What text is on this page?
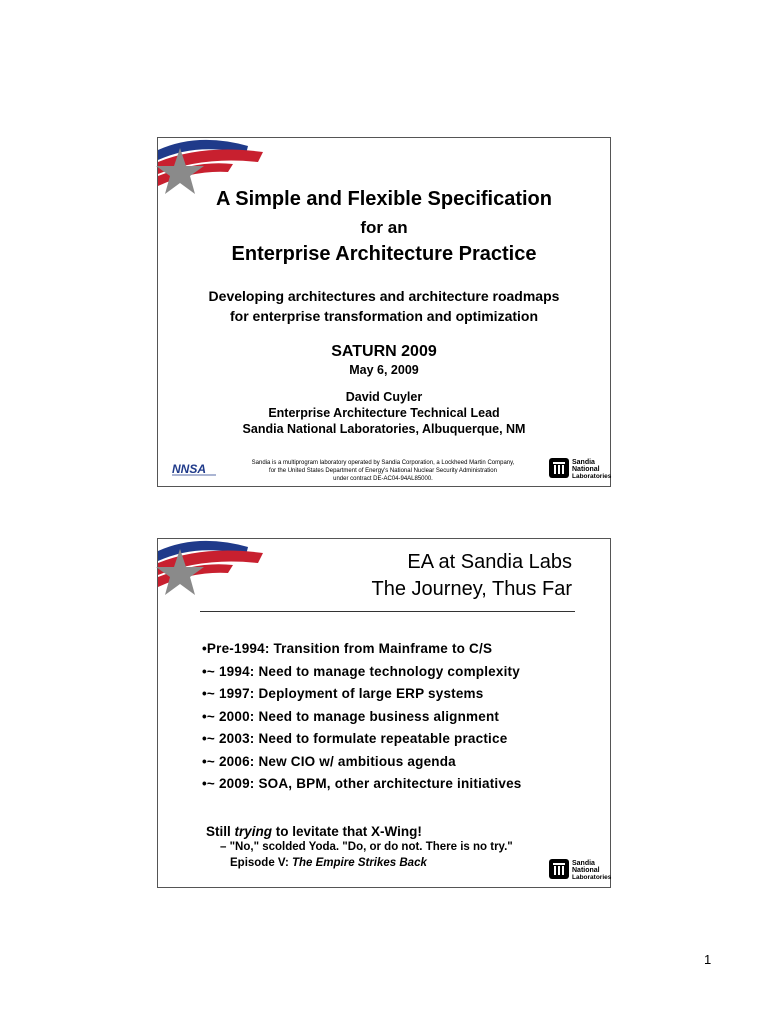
A Simple and Flexible Specification
for an
Enterprise Architecture Practice
Developing architectures and architecture roadmaps
for enterprise transformation and optimization
SATURN 2009
May 6, 2009
David Cuyler
Enterprise Architecture Technical Lead
Sandia National Laboratories, Albuquerque, NM
Sandia is a multiprogram laboratory operated by Sandia Corporation, a Lockheed Martin Company,
for the United States Department of Energy's National Nuclear Security Administration
under contract DE-AC04-94AL85000.
NNSA	Sandia
National
Laboratories
EA at Sandia Labs
The Journey, Thus Far
•Pre-1994: Transition from Mainframe to C/S
•~ 1994: Need to manage technology complexity
•~ 1997: Deployment of large ERP systems
•~ 2000: Need to manage business alignment
•~ 2003: Need to formulate repeatable practice
•~ 2006: New CIO w/ ambitious agenda
•~ 2009: SOA, BPM, other architecture initiatives
Still trying to levitate that X-Wing!
– "No," scolded Yoda. "Do, or do not. There is no try."
Episode V: The Empire Strikes Back	Sandia
National
Laboratories
1
